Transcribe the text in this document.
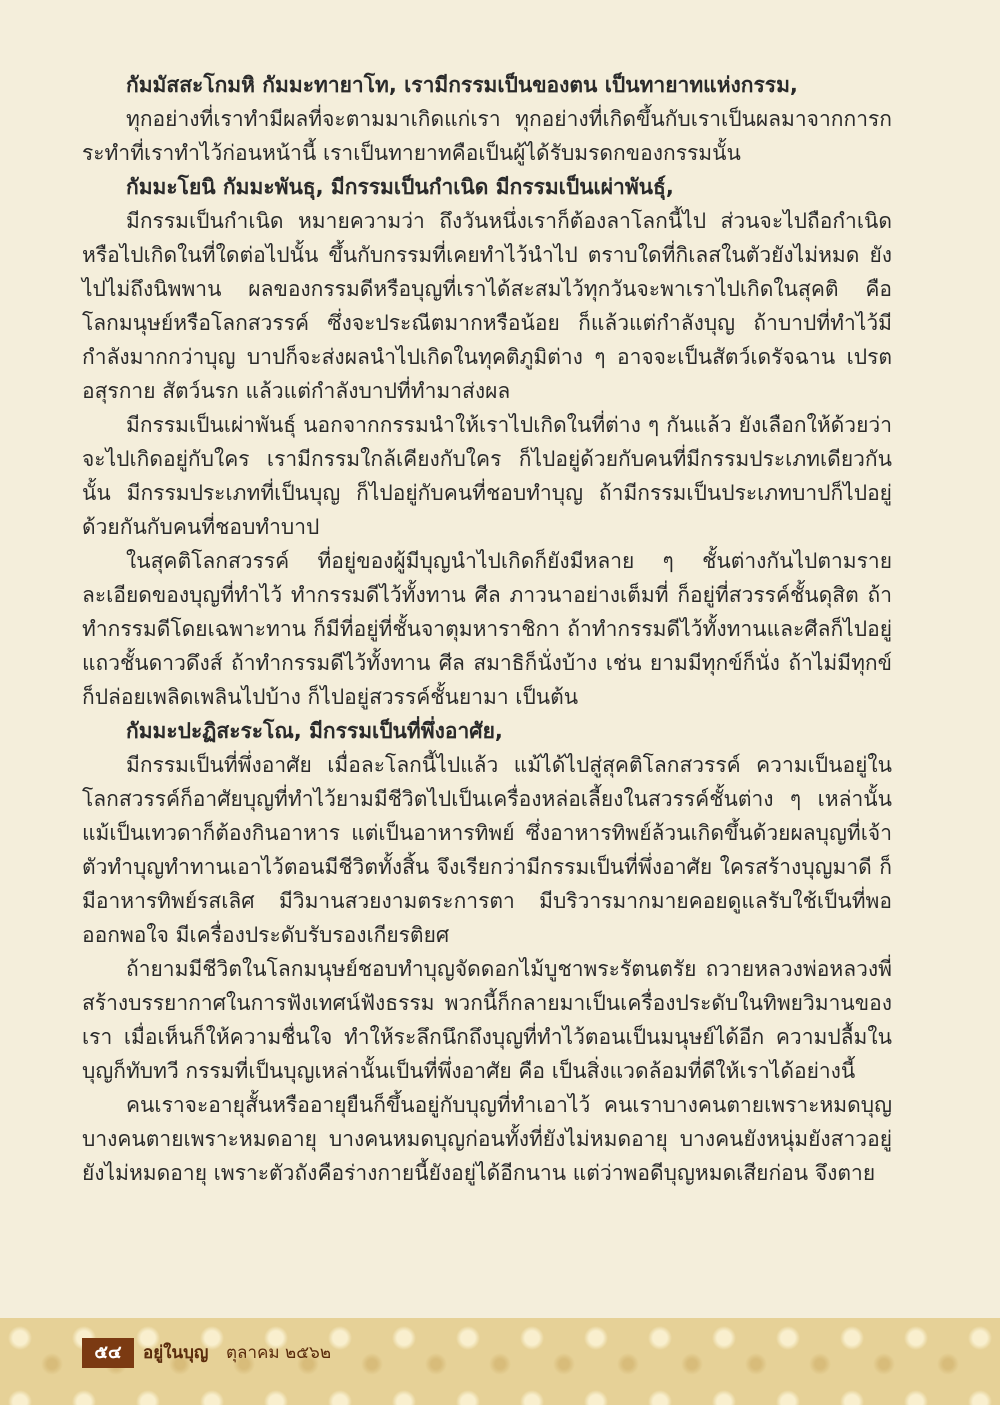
กัมมัสสะโกมหิ กัมมะทายาโท, เรามีกรรมเป็นของตน เป็นทายาทแห่งกรรม,

ทุกอย่างที่เราทำมีผลที่จะตามมาเกิดแก่เรา ทุกอย่างที่เกิดขึ้นกับเราเป็นผลมาจากการกระทำที่เราทำไว้ก่อนหน้านี้ เราเป็นทายาทคือเป็นผู้ได้รับมรดกของกรรมนั้น

กัมมะโยนิ กัมมะพันธุ, มีกรรมเป็นกำเนิด มีกรรมเป็นเผ่าพันธุ์,

มีกรรมเป็นกำเนิด หมายความว่า ถึงวันหนึ่งเราก็ต้องลาโลกนี้ไป ส่วนจะไปถือกำเนิดหรือไปเกิดในที่ใดต่อไปนั้น ขึ้นกับกรรมที่เคยทำไว้นำไป ตราบใดที่กิเลสในตัวยังไม่หมด ยังไปไม่ถึงนิพพาน ผลของกรรมดีหรือบุญที่เราได้สะสมไว้ทุกวันจะพาเราไปเกิดในสุคติ คือ โลกมนุษย์หรือโลกสวรรค์ ซึ่งจะประณีตมากหรือน้อย ก็แล้วแต่กำลังบุญ ถ้าบาปที่ทำไว้มีกำลังมากกว่าบุญ บาปก็จะส่งผลนำไปเกิดในทุคติภูมิต่าง ๆ อาจจะเป็นสัตว์เดรัจฉาน เปรต อสุรกาย สัตว์นรก แล้วแต่กำลังบาปที่ทำมาส่งผล

มีกรรมเป็นเผ่าพันธุ์ นอกจากกรรมนำให้เราไปเกิดในที่ต่าง ๆ กันแล้ว ยังเลือกให้ด้วยว่าจะไปเกิดอยู่กับใคร เรามีกรรมใกล้เคียงกับใคร ก็ไปอยู่ด้วยกับคนที่มีกรรมประเภทเดียวกันนั้น มีกรรมประเภทที่เป็นบุญ ก็ไปอยู่กับคนที่ชอบทำบุญ ถ้ามีกรรมเป็นประเภทบาปก็ไปอยู่ด้วยกันกับคนที่ชอบทำบาป

ในสุคติโลกสวรรค์ ที่อยู่ของผู้มีบุญนำไปเกิดก็ยังมีหลาย ๆ ชั้นต่างกันไปตามรายละเอียดของบุญที่ทำไว้ ทำกรรมดีไว้ทั้งทาน ศีล ภาวนาอย่างเต็มที่ ก็อยู่ที่สวรรค์ชั้นดุสิต ถ้าทำกรรมดีโดยเฉพาะทาน ก็มีที่อยู่ที่ชั้นจาตุมหาราชิกา ถ้าทำกรรมดีไว้ทั้งทานและศีลก็ไปอยู่แถวชั้นดาวดึงส์ ถ้าทำกรรมดีไว้ทั้งทาน ศีล สมาธิก็นั่งบ้าง เช่น ยามมีทุกข์ก็นั่ง ถ้าไม่มีทุกข์ก็ปล่อยเพลิดเพลินไปบ้าง ก็ไปอยู่สวรรค์ชั้นยามา เป็นต้น

กัมมะปะฏิสะระโณ, มีกรรมเป็นที่พึ่งอาศัย,

มีกรรมเป็นที่พึ่งอาศัย เมื่อละโลกนี้ไปแล้ว แม้ได้ไปสู่สุคติโลกสวรรค์ ความเป็นอยู่ในโลกสวรรค์ก็อาศัยบุญที่ทำไว้ยามมีชีวิตไปเป็นเครื่องหล่อเลี้ยงในสวรรค์ชั้นต่าง ๆ เหล่านั้น แม้เป็นเทวดาก็ต้องกินอาหาร แต่เป็นอาหารทิพย์ ซึ่งอาหารทิพย์ล้วนเกิดขึ้นด้วยผลบุญที่เจ้าตัวทำบุญทำทานเอาไว้ตอนมีชีวิตทั้งสิ้น จึงเรียกว่ามีกรรมเป็นที่พึ่งอาศัย ใครสร้างบุญมาดี ก็มีอาหารทิพย์รสเลิศ มีวิมานสวยงามตระการตา มีบริวารมากมายคอยดูแลรับใช้เป็นที่พอออกพอใจ มีเครื่องประดับรับรองเกียรติยศ

ถ้ายามมีชีวิตในโลกมนุษย์ชอบทำบุญจัดดอกไม้บูชาพระรัตนตรัย ถวายหลวงพ่อหลวงพี่สร้างบรรยากาศในการฟังเทศน์ฟังธรรม พวกนี้ก็กลายมาเป็นเครื่องประดับในทิพยวิมานของเรา เมื่อเห็นก็ให้ความชื่นใจ ทำให้ระลึกนึกถึงบุญที่ทำไว้ตอนเป็นมนุษย์ได้อีก ความปลื้มในบุญก็ทับทวี กรรมที่เป็นบุญเหล่านั้นเป็นที่พึ่งอาศัย คือ เป็นสิ่งแวดล้อมที่ดีให้เราได้อย่างนี้

คนเราจะอายุสั้นหรืออายุยืนก็ขึ้นอยู่กับบุญที่ทำเอาไว้ คนเราบางคนตายเพราะหมดบุญบางคนตายเพราะหมดอายุ บางคนหมดบุญก่อนทั้งที่ยังไม่หมดอายุ บางคนยังหนุ่มยังสาวอยู่ยังไม่หมดอายุ เพราะตัวถังคือร่างกายนี้ยังอยู่ได้อีกนาน แต่ว่าพอดีบุญหมดเสียก่อน จึงตาย

๕๔	อยู่ในบุญ ตุลาคม ๒๕๖๒
